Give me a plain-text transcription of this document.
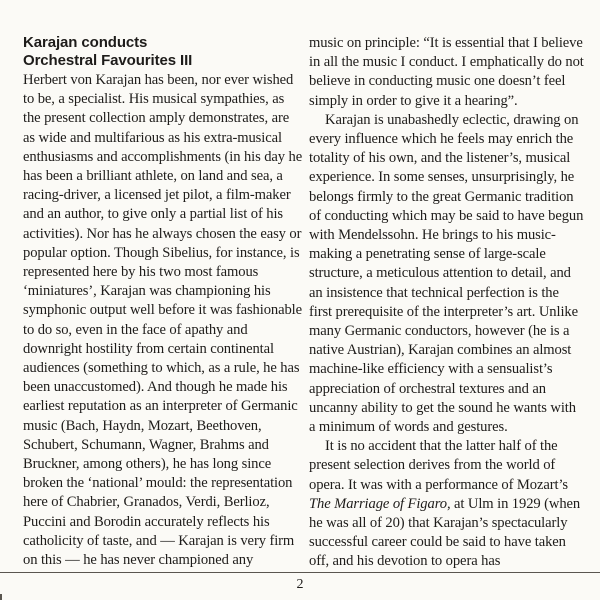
Karajan conducts
Orchestral Favourites III

Herbert von Karajan has been, nor ever wished to be, a specialist. His musical sympathies, as the present collection amply demonstrates, are as wide and multifarious as his extra-musical enthusiasms and accomplishments (in his day he has been a brilliant athlete, on land and sea, a racing-driver, a licensed jet pilot, a film-maker and an author, to give only a partial list of his activities). Nor has he always chosen the easy or popular option. Though Sibelius, for instance, is represented here by his two most famous ‘miniatures’, Karajan was championing his symphonic output well before it was fashionable to do so, even in the face of apathy and downright hostility from certain continental audiences (something to which, as a rule, he has been unaccustomed). And though he made his earliest reputation as an interpreter of Germanic music (Bach, Haydn, Mozart, Beethoven, Schubert, Schumann, Wagner, Brahms and Bruckner, among others), he has long since broken the ‘national’ mould: the representation here of Chabrier, Granados, Verdi, Berlioz, Puccini and Borodin accurately reflects his catholicity of taste, and — Karajan is very firm on this — he has never championed any

music on principle: “It is essential that I believe in all the music I conduct. I emphatically do not believe in conducting music one doesn’t feel simply in order to give it a hearing”.

Karajan is unabashedly eclectic, drawing on every influence which he feels may enrich the totality of his own, and the listener’s, musical experience. In some senses, unsurprisingly, he belongs firmly to the great Germanic tradition of conducting which may be said to have begun with Mendelssohn. He brings to his music-making a penetrating sense of large-scale structure, a meticulous attention to detail, and an insistence that technical perfection is the first prerequisite of the interpreter’s art. Unlike many Germanic conductors, however (he is a native Austrian), Karajan combines an almost machine-like efficiency with a sensualist’s appreciation of orchestral textures and an uncanny ability to get the sound he wants with a minimum of words and gestures.

It is no accident that the latter half of the present selection derives from the world of opera. It was with a performance of Mozart’s The Marriage of Figaro, at Ulm in 1929 (when he was all of 20) that Karajan’s spectacularly successful career could be said to have taken off, and his devotion to opera has

2
